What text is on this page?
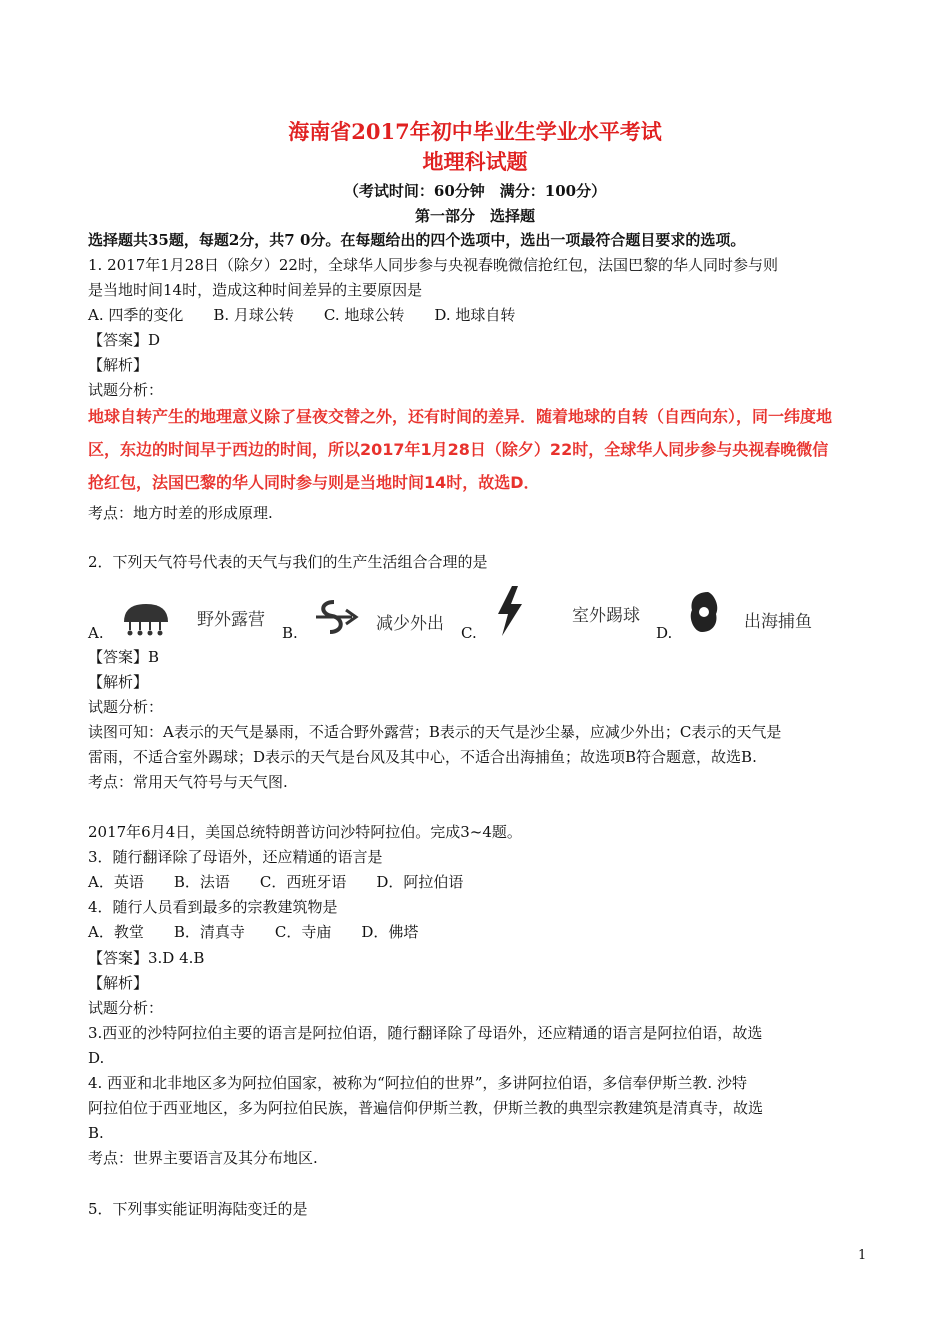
海南省2017年初中毕业生学业水平考试
地理科试题
（考试时间：60分钟　满分：100分）
第一部分　选择题
选择题共35题，每题2分，共7 0分。在每题给出的四个选项中，选出一项最符合题目要求的选项。
1. 2017年1月28日（除夕）22时，全球华人同步参与央视春晚微信抢红包，法国巴黎的华人同时参与则
是当地时间14时，造成这种时间差异的主要原因是
A. 四季的变化　　B. 月球公转　　C. 地球公转　　D. 地球自转
【答案】D
【解析】
试题分析：
地球自转产生的地理意义除了昼夜交替之外，还有时间的差异．随着地球的自转（自西向东），同一纬度地
区，东边的时间早于西边的时间，所以2017年1月28日（除夕）22时，全球华人同步参与央视春晚微信
抢红包，法国巴黎的华人同时参与则是当地时间14时，故选D．
考点：地方时差的形成原理.
2．下列天气符号代表的天气与我们的生产生活组合合理的是
A.
野外露营
B.	减少外出 C.
室外踢球
D.
出海捕鱼
【答案】B
【解析】
试题分析：
读图可知：A表示的天气是暴雨，不适合野外露营；B表示的天气是沙尘暴，应减少外出；C表示的天气是
雷雨，不适合室外踢球；D表示的天气是台风及其中心，不适合出海捕鱼；故选项B符合题意，故选B.
考点：常用天气符号与天气图.
2017年6月4日，美国总统特朗普访问沙特阿拉伯。完成3~4题。
3．随行翻译除了母语外，还应精通的语言是
A．英语　　B．法语　　C．西班牙语　　D．阿拉伯语
4．随行人员看到最多的宗教建筑物是
A．教堂　　B．清真寺　　C．寺庙　　D．佛塔
【答案】3.D 4.B
【解析】
试题分析：
3.西亚的沙特阿拉伯主要的语言是阿拉伯语，随行翻译除了母语外，还应精通的语言是阿拉伯语，故选
D.
4. 西亚和北非地区多为阿拉伯国家，被称为“阿拉伯的世界”，多讲阿拉伯语，多信奉伊斯兰教. 沙特
阿拉伯位于西亚地区，多为阿拉伯民族，普遍信仰伊斯兰教，伊斯兰教的典型宗教建筑是清真寺，故选
B.
考点：世界主要语言及其分布地区.
5．下列事实能证明海陆变迁的是
1
